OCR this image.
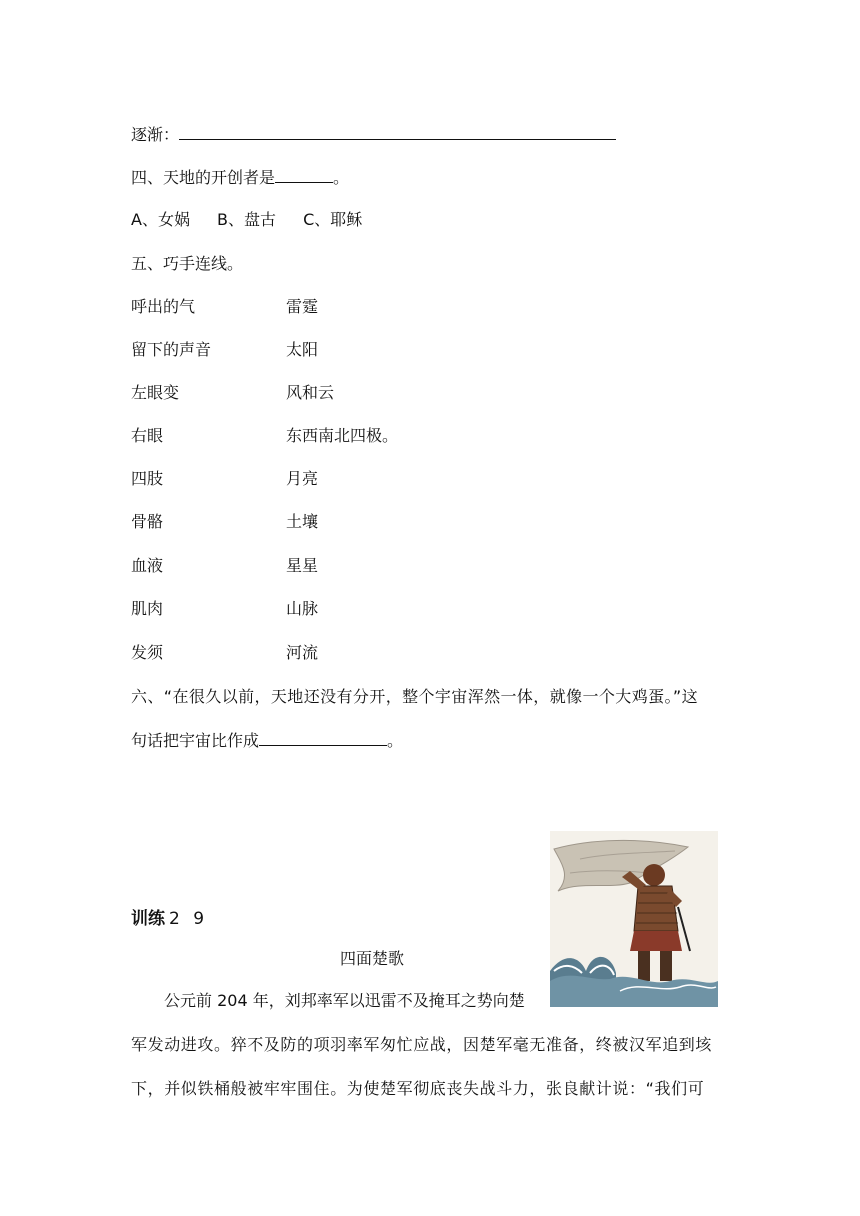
逐渐：
四、天地的开创者是	。
A、女娲 B、盘古 C、耶稣
五、巧手连线。
呼出的气	雷霆
留下的声音	太阳
左眼变	风和云
右眼	东西南北四极。
四肢	月亮
骨骼	土壤
血液	星星
肌肉	山脉
发须	河流
六、“在很久以前，天地还没有分开，整个宇宙浑然一体，就像一个大鸡蛋。”这
句话把宇宙比作成	。
训练 2 9
四面楚歌
公元前 204 年，刘邦率军以迅雷不及掩耳之势向楚
军发动进攻。猝不及防的项羽率军匆忙应战，因楚军毫无准备，终被汉军追到垓
下，并似铁桶般被牢牢围住。为使楚军彻底丧失战斗力，张良献计说：“我们可
